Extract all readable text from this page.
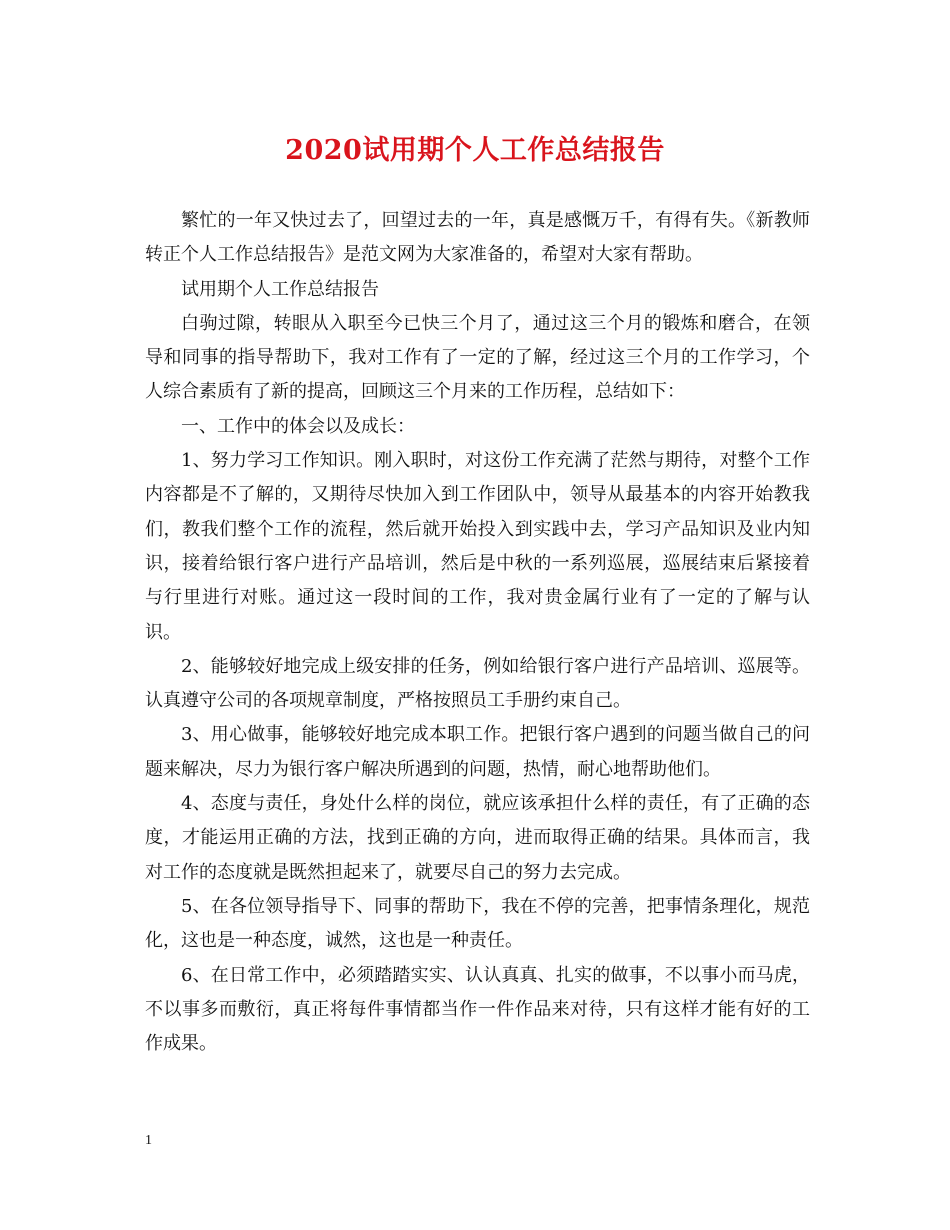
2020试用期个人工作总结报告

繁忙的一年又快过去了，回望过去的一年，真是感慨万千，有得有失。《新教师转正个人工作总结报告》是范文网为大家准备的，希望对大家有帮助。

试用期个人工作总结报告

白驹过隙，转眼从入职至今已快三个月了，通过这三个月的锻炼和磨合，在领导和同事的指导帮助下，我对工作有了一定的了解，经过这三个月的工作学习，个人综合素质有了新的提高，回顾这三个月来的工作历程，总结如下：

一、工作中的体会以及成长：

1、努力学习工作知识。刚入职时，对这份工作充满了茫然与期待，对整个工作内容都是不了解的，又期待尽快加入到工作团队中，领导从最基本的内容开始教我们，教我们整个工作的流程，然后就开始投入到实践中去，学习产品知识及业内知识，接着给银行客户进行产品培训，然后是中秋的一系列巡展，巡展结束后紧接着与行里进行对账。通过这一段时间的工作，我对贵金属行业有了一定的了解与认识。

2、能够较好地完成上级安排的任务，例如给银行客户进行产品培训、巡展等。认真遵守公司的各项规章制度，严格按照员工手册约束自己。

3、用心做事，能够较好地完成本职工作。把银行客户遇到的问题当做自己的问题来解决，尽力为银行客户解决所遇到的问题，热情，耐心地帮助他们。

4、态度与责任，身处什么样的岗位，就应该承担什么样的责任，有了正确的态度，才能运用正确的方法，找到正确的方向，进而取得正确的结果。具体而言，我对工作的态度就是既然担起来了，就要尽自己的努力去完成。

5、在各位领导指导下、同事的帮助下，我在不停的完善，把事情条理化，规范化，这也是一种态度，诚然，这也是一种责任。

6、在日常工作中，必须踏踏实实、认认真真、扎实的做事，不以事小而马虎，不以事多而敷衍，真正将每件事情都当作一件作品来对待，只有这样才能有好的工作成果。

1
